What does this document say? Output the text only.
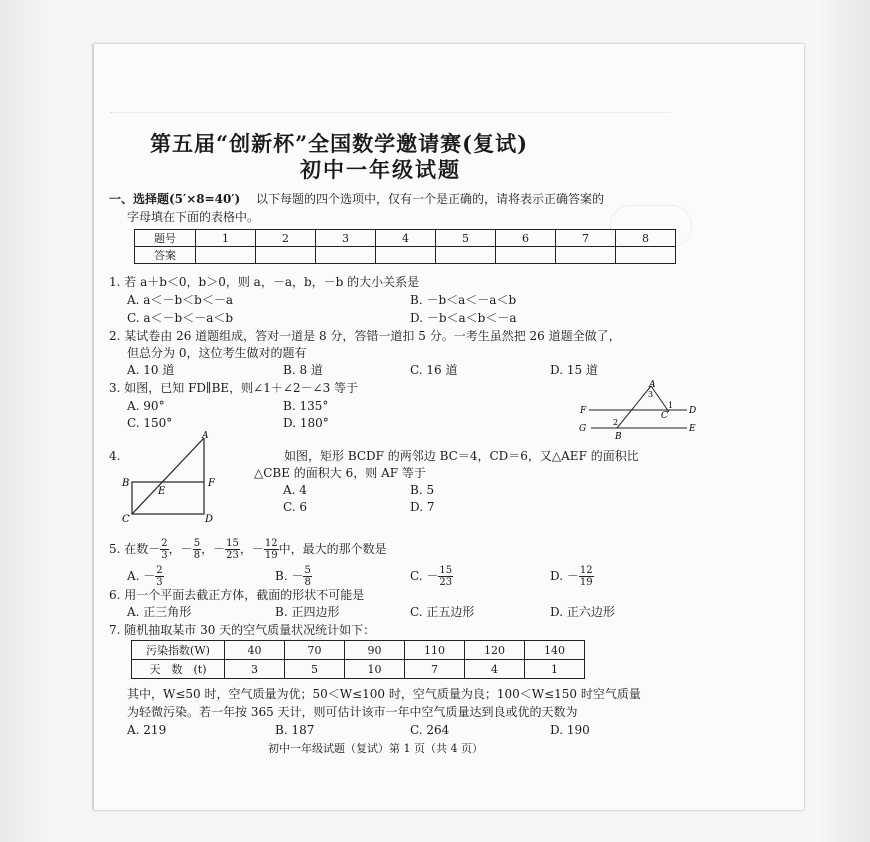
第五届“创新杯”全国数学邀请赛(复试)
初中一年级试题
一、选择题(5′×8=40′) 以下每题的四个选项中，仅有一个是正确的，请将表示正确答案的
字母填在下面的表格中。
题号	1	2	3	4	5	6	7	8
答案								
1. 若 a＋b＜0，b＞0，则 a，－a，b，－b 的大小关系是
A. a＜－b＜b＜－a	B. －b＜a＜－a＜b
C. a＜－b＜－a＜b	D. －b＜a＜b＜－a
2. 某试卷由 26 道题组成，答对一道是 8 分，答错一道扣 5 分。一考生虽然把 26 道题全做了，
但总分为 0，这位考生做对的题有
A. 10 道	B. 8 道	C. 16 道	D. 15 道
3. 如图，已知 FD∥BE，则∠1＋∠2－∠3 等于
A. 90°	B. 135°
C. 150°	D. 180°
A
F	D
G	E
B
C
3
1
2
4.
A
B
E
F
C	D
如图，矩形 BCDF 的两邻边 BC＝4，CD＝6，又△AEF 的面积比
△CBE 的面积大 6，则 AF 等于
A. 4	B. 5
C. 6	D. 7
5. 在数－ $\frac{2}{3}$ ，－ $\frac{5}{8}$ ，－ $\frac{15}{23}$ ，－ $\frac{12}{19}$ 中，最大的那个数是
A. － $\frac{2}{3}$	B. － $\frac{5}{8}$	C. － $\frac{15}{23}$	D. － $\frac{12}{19}$
6. 用一个平面去截正方体，截面的形状不可能是
A. 正三角形	B. 正四边形	C. 正五边形	D. 正六边形
7. 随机抽取某市 30 天的空气质量状况统计如下：
污染指数(W)	40	70	90	110	120	140
天　数　(t)	3	5	10	7	4	1
其中，W≤50 时，空气质量为优；50＜W≤100 时，空气质量为良；100＜W≤150 时空气质量
为轻微污染。若一年按 365 天计，则可估计该市一年中空气质量达到良或优的天数为
A. 219	B. 187	C. 264	D. 190
初中一年级试题（复试）第 1 页（共 4 页）
